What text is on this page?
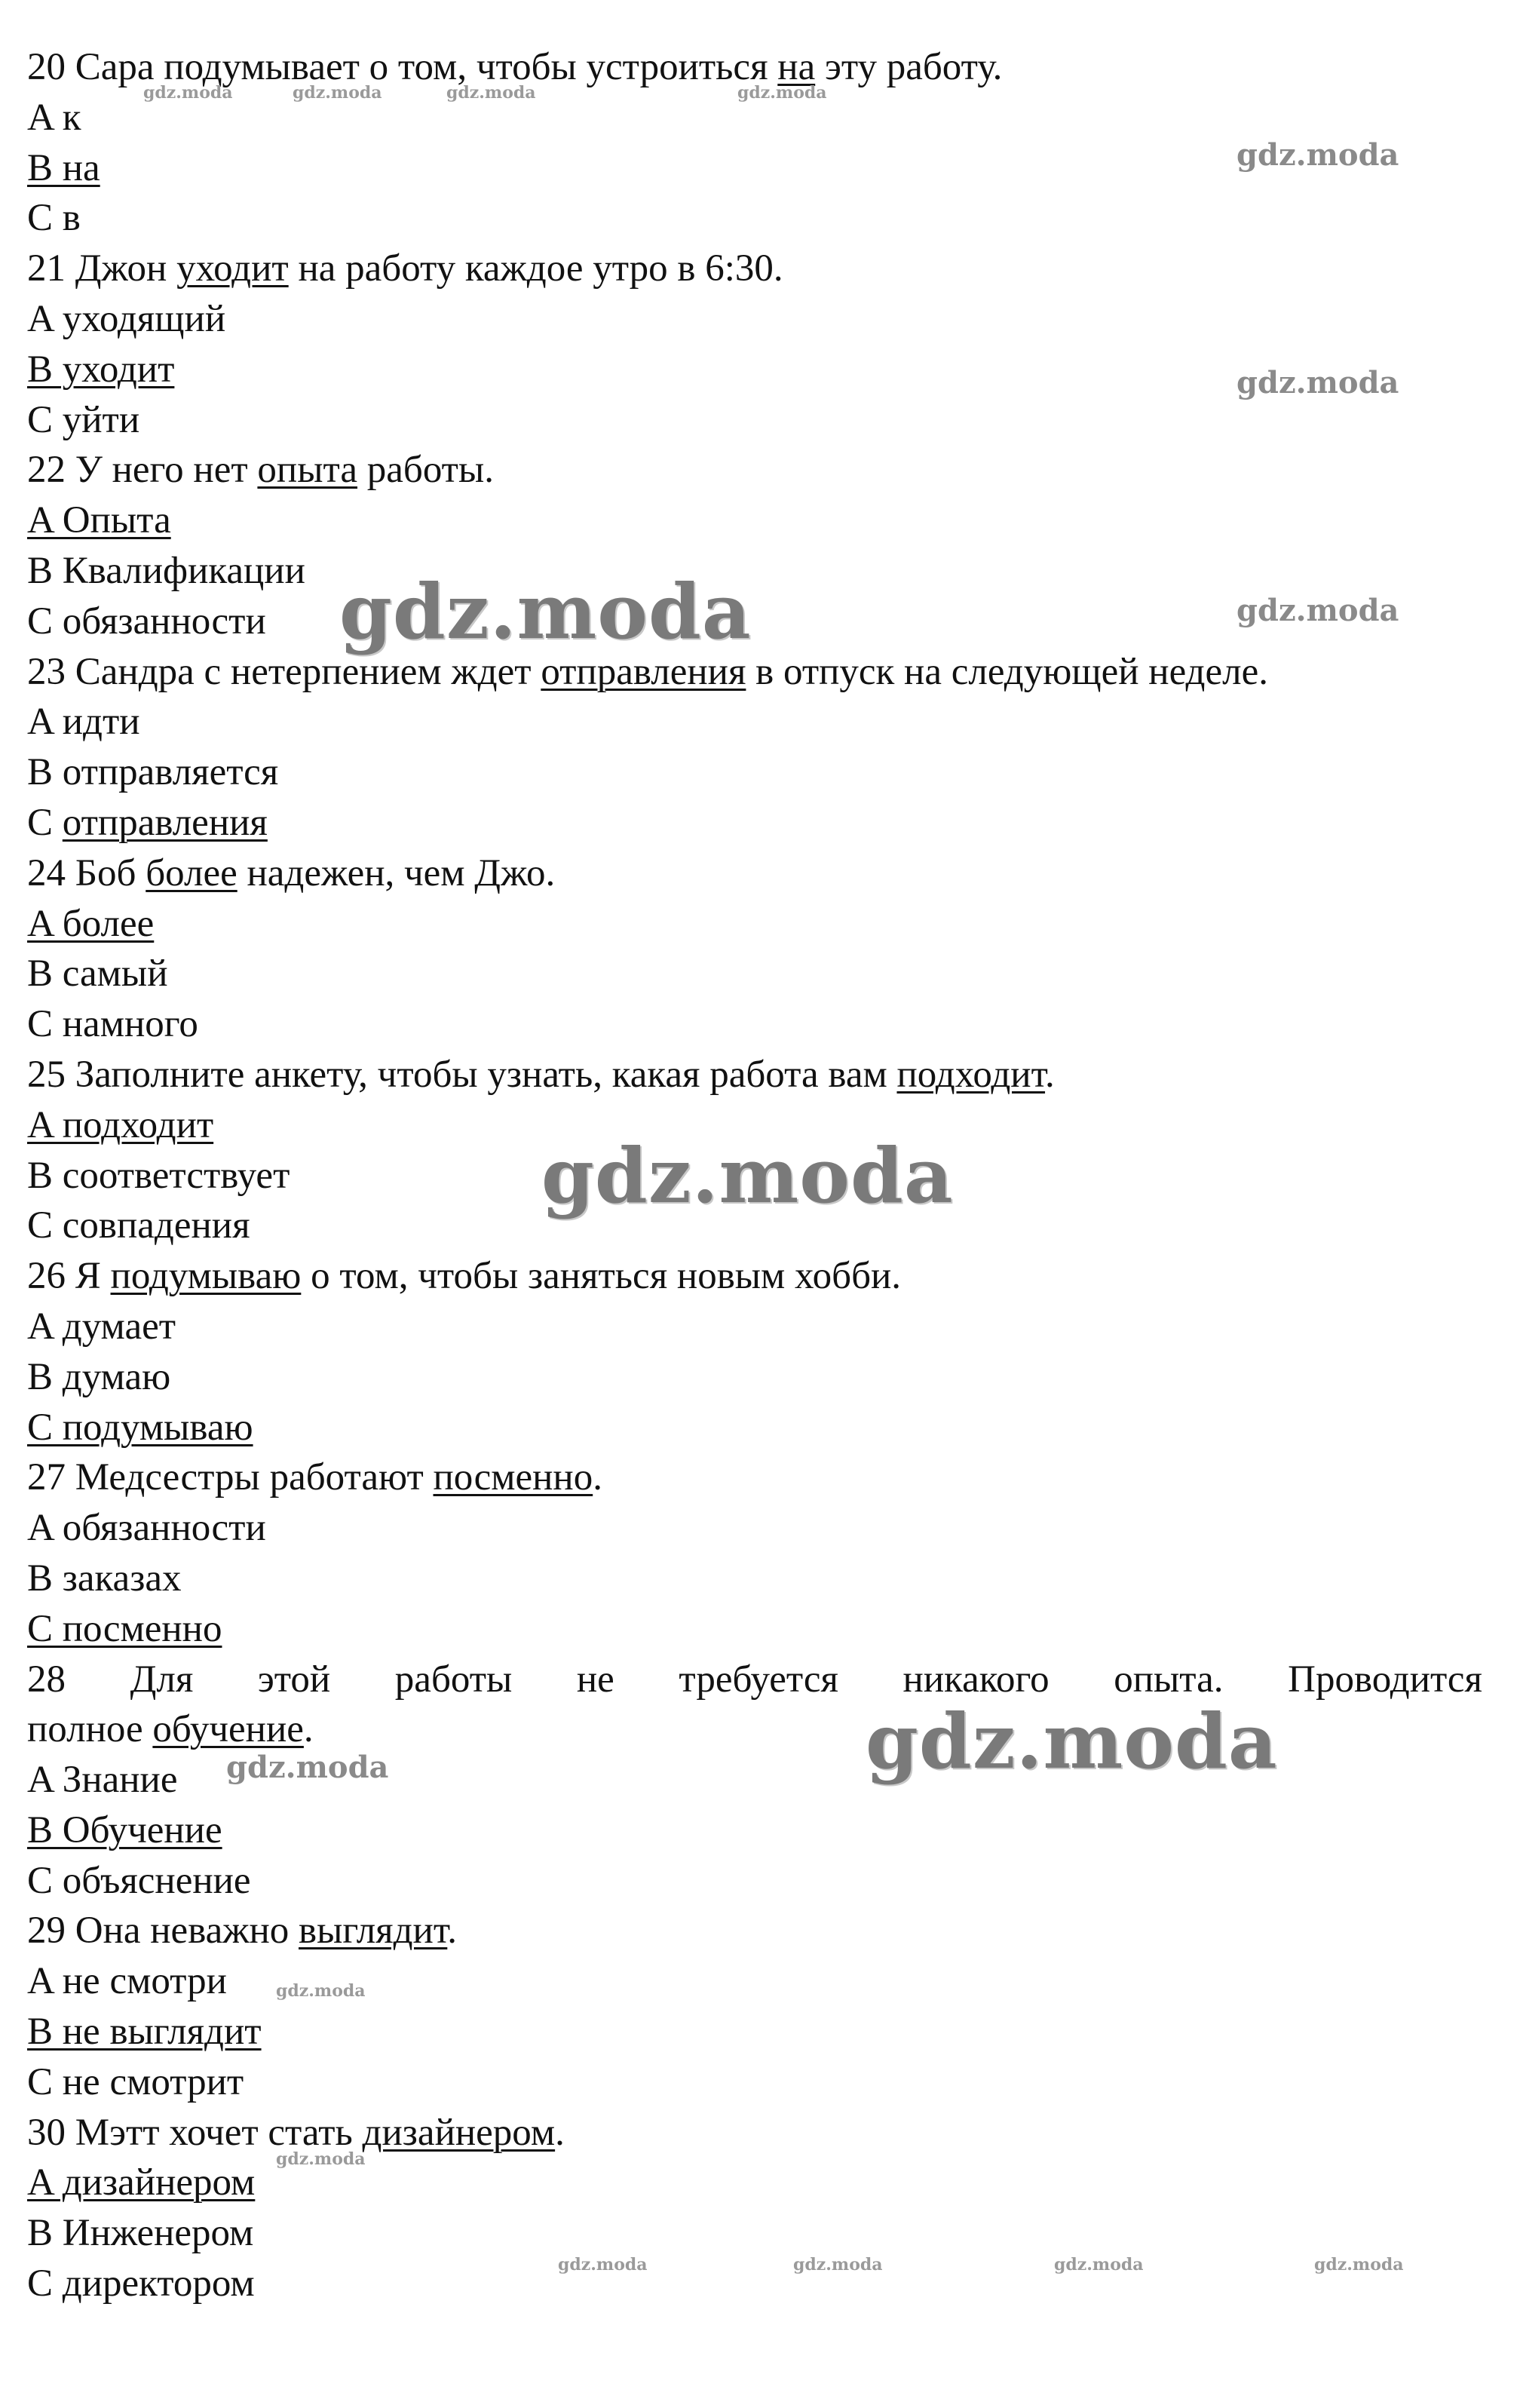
20 Сара подумывает о том, чтобы устроиться на эту работу.
A к
B на
C в
21 Джон уходит на работу каждое утро в 6:30.
A уходящий
B уходит
C уйти
22 У него нет опыта работы.
A Опыта
B Квалификации
C обязанности
23 Сандра с нетерпением ждет отправления в отпуск на следующей неделе.
A идти
B отправляется
C отправления
24 Боб более надежен, чем Джо.
A более
B самый
C намного
25 Заполните анкету, чтобы узнать, какая работа вам подходит.
A подходит
B соответствует
C совпадения
26 Я подумываю о том, чтобы заняться новым хобби.
A думает
B думаю
C подумываю
27 Медсестры работают посменно.
A обязанности
B заказах
C посменно
28 Для этой работы не требуется никакого опыта. Проводится
полное обучение.
A Знание
B Обучение
C объяснение
29 Она неважно выглядит.
A не смотри
B не выглядит
C не смотрит
30 Мэтт хочет стать дизайнером.
A дизайнером
B Инженером
C директором
gdz.moda	gdz.moda	gdz.moda	gdz.moda
gdz.moda
gdz.moda
gdz.moda
gdz.moda
gdz.moda
gdz.moda
gdz.moda
gdz.moda
gdz.moda
gdz.moda	gdz.moda	gdz.moda	gdz.moda
